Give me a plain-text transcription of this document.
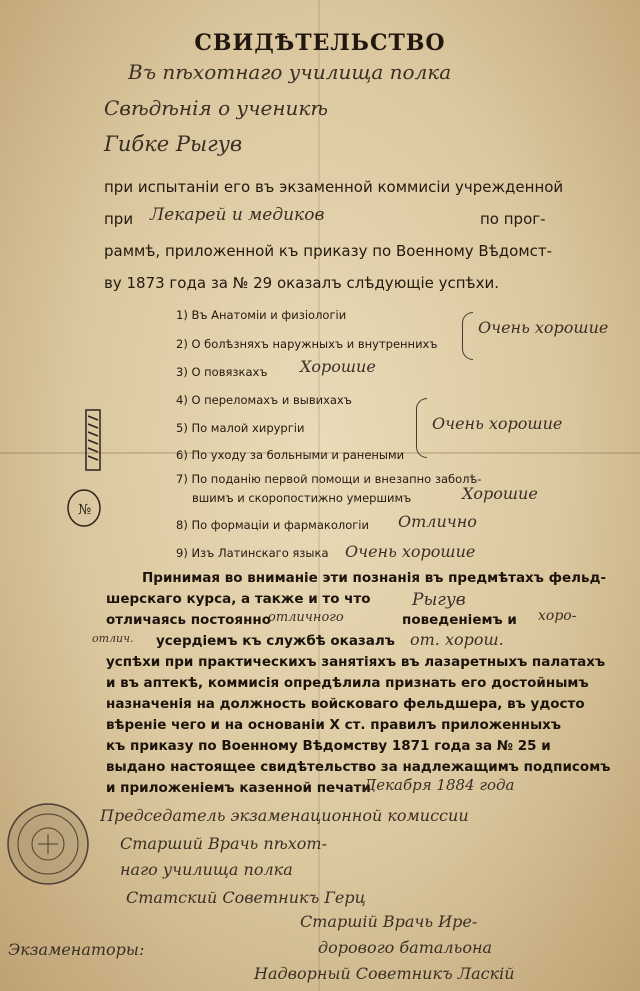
СВИДѢТЕЛЬСТВО
Въ пѣхотнаго училища полка
Свѣдѣнiя о ученикѣ
Гибке Рыгув
при испытанiи его въ экзаменной коммисiи учрежденной
при Лекарей и медиков	по прог-
раммѣ, приложенной къ приказу по Военному Вѣдомст-
ву 1873 года за № 29 оказалъ слѣдующiе успѣхи.
1) Въ Анатомiи и физiологiи
2) О болѣзняхъ наружныхъ и внутреннихъ
3) О повязкахъ
4) О переломахъ и вывихахъ
5) По малой хирургiи
6) По уходу за больными и ранеными
7) По поданiю первой помощи и внезапно заболѣ-
вшимъ и скоропостижно умершимъ
8) По формацiи и фармакологiи
9) Изъ Латинскаго языка
Очень хорошие
Хорошие
Очень хорошие
Хорошие
Отлично
Очень хорошие
№
Принимая во вниманiе эти познанiя въ предмѣтахъ фельд-
шерскаго курса, а также и то что Рыгув
отличаясь постоянно
отличного	поведенiемъ и хоро-
отлич. усердiемъ къ службѣ оказалъ от. хорош.
успѣхи при практическихъ занятiяхъ въ лазаретныхъ палатахъ
и въ аптекѣ, коммисiя опредѣлила признать его достойнымъ
назначенiя на должность войсковаго фельдшера, въ удосто
вѣренiе чего и на основанiи Х ст. правилъ приложенныхъ
къ приказу по Военному Вѣдомству 1871 года за № 25 и
выдано настоящее свидѣтельство за надлежащимъ подписомъ
и приложенiемъ казенной печати
Декабря 1884 года
Председатель экзаменационной комиссии
Старший Врачь пѣхот-
наго училища полка
Статский Советникъ Герц
Экзаменаторы:
Старшiй Врачь Ире-
дорового батальона
Надворный Советникъ Ласкiй
